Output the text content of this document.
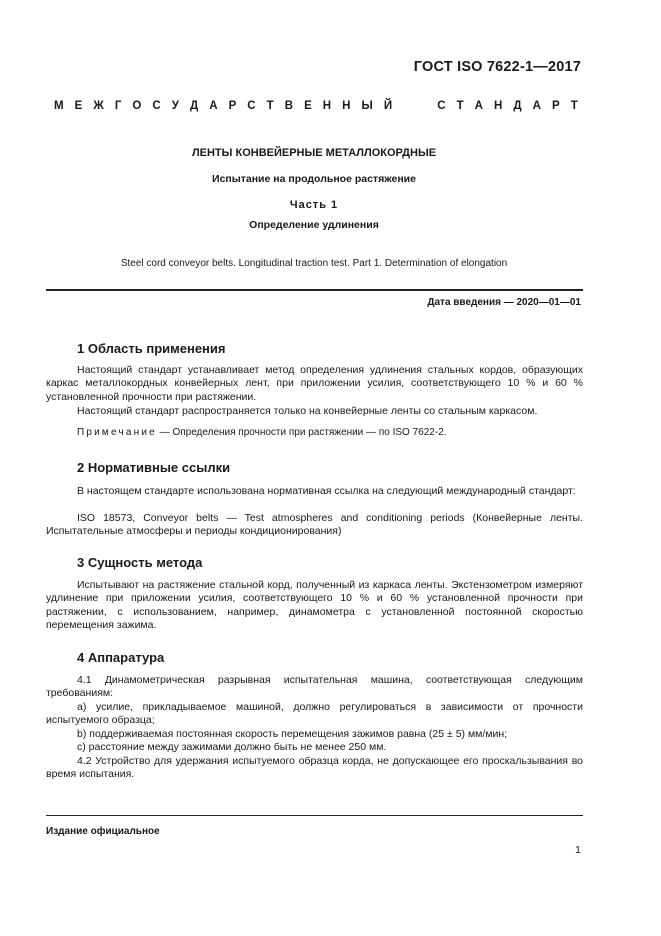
ГОСТ ISO 7622-1—2017
М Е Ж Г О С У Д А Р С Т В Е Н Н Ы Й	С Т А Н Д А Р Т
ЛЕНТЫ КОНВЕЙЕРНЫЕ МЕТАЛЛОКОРДНЫЕ
Испытание на продольное растяжение
Часть 1
Определение удлинения
Steel cord conveyor belts. Longitudinal traction test. Part 1. Determination of elongation
Дата введения — 2020—01—01
1 Область применения
Настоящий стандарт устанавливает метод определения удлинения стальных кордов, образующих каркас металлокордных конвейерных лент, при приложении усилия, соответствующего 10 % и 60 % установленной прочности при растяжении.
Настоящий стандарт распространяется только на конвейерные ленты со стальным каркасом.
Примечание — Определения прочности при растяжении — по ISO 7622-2.
2 Нормативные ссылки
В настоящем стандарте использована нормативная ссылка на следующий международный стандарт:
ISO 18573, Conveyor belts — Test atmospheres and conditioning periods (Конвейерные ленты. Испытательные атмосферы и периоды кондиционирования)
3 Сущность метода
Испытывают на растяжение стальной корд, полученный из каркаса ленты. Экстензометром измеряют удлинение при приложении усилия, соответствующего 10 % и 60 % установленной прочности при растяжении, с использованием, например, динамометра с установленной постоянной скоростью перемещения зажима.
4 Аппаратура
4.1 Динамометрическая разрывная испытательная машина, соответствующая следующим требованиям:
а) усилие, прикладываемое машиной, должно регулироваться в зависимости от прочности испытуемого образца;
b) поддерживаемая постоянная скорость перемещения зажимов равна (25 ± 5) мм/мин;
c) расстояние между зажимами должно быть не менее 250 мм.
4.2 Устройство для удержания испытуемого образца корда, не допускающее его проскальзывания во время испытания.
Издание официальное
1
